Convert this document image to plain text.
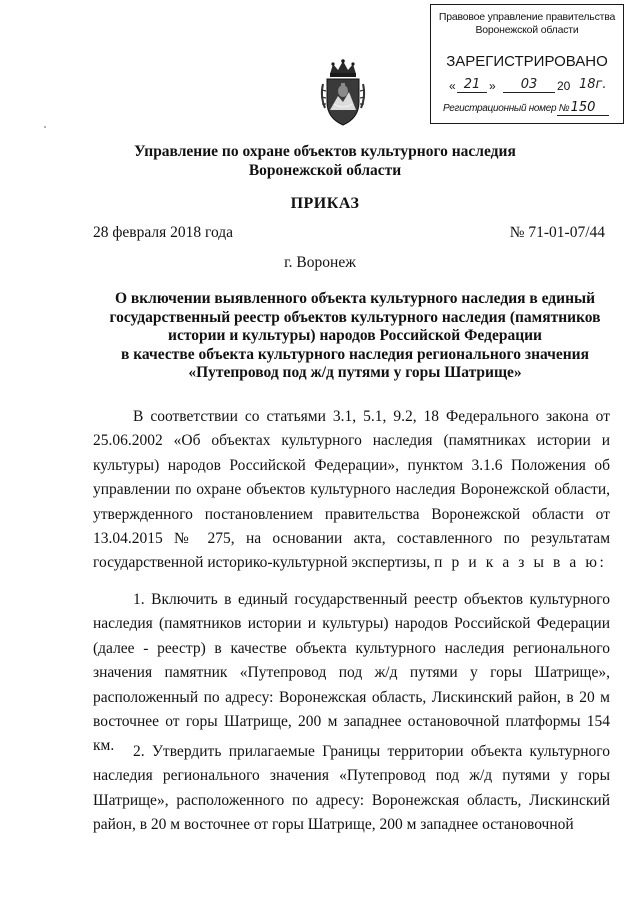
Правовое управление правительства
Воронежской области
ЗАРЕГИСТРИРОВАНО
« 21 »	03	20 18г.
Регистрационный номер № 150
Управление по охране объектов культурного наследия
Воронежской области
ПРИКАЗ
28 февраля 2018 года	№ 71-01-07/44
г. Воронеж
О включении выявленного объекта культурного наследия в единый
государственный реестр объектов культурного наследия (памятников
истории и культуры) народов Российской Федерации
в качестве объекта культурного наследия регионального значения
«Путепровод под ж/д путями у горы Шатрище»

В соответствии со статьями 3.1, 5.1, 9.2, 18 Федерального закона от 25.06.2002 «Об объектах культурного наследия (памятниках истории и культуры) народов Российской Федерации», пунктом 3.1.6 Положения об управлении по охране объектов культурного наследия Воронежской области, утвержденного постановлением правительства Воронежской области от 13.04.2015 № 275, на основании акта, составленного по результатам государственной историко-культурной экспертизы, п р и к а з ы в а ю:

1. Включить в единый государственный реестр объектов культурного наследия (памятников истории и культуры) народов Российской Федерации (далее - реестр) в качестве объекта культурного наследия регионального значения памятник «Путепровод под ж/д путями у горы Шатрище», расположенный по адресу: Воронежская область, Лискинский район, в 20 м восточнее от горы Шатрище, 200 м западнее остановочной платформы 154 км.	2. Утвердить прилагаемые Границы территории объекта культурного наследия регионального значения «Путепровод под ж/д путями у горы Шатрище», расположенного по адресу: Воронежская область, Лискинский район, в 20 м восточнее от горы Шатрище, 200 м западнее остановочной
